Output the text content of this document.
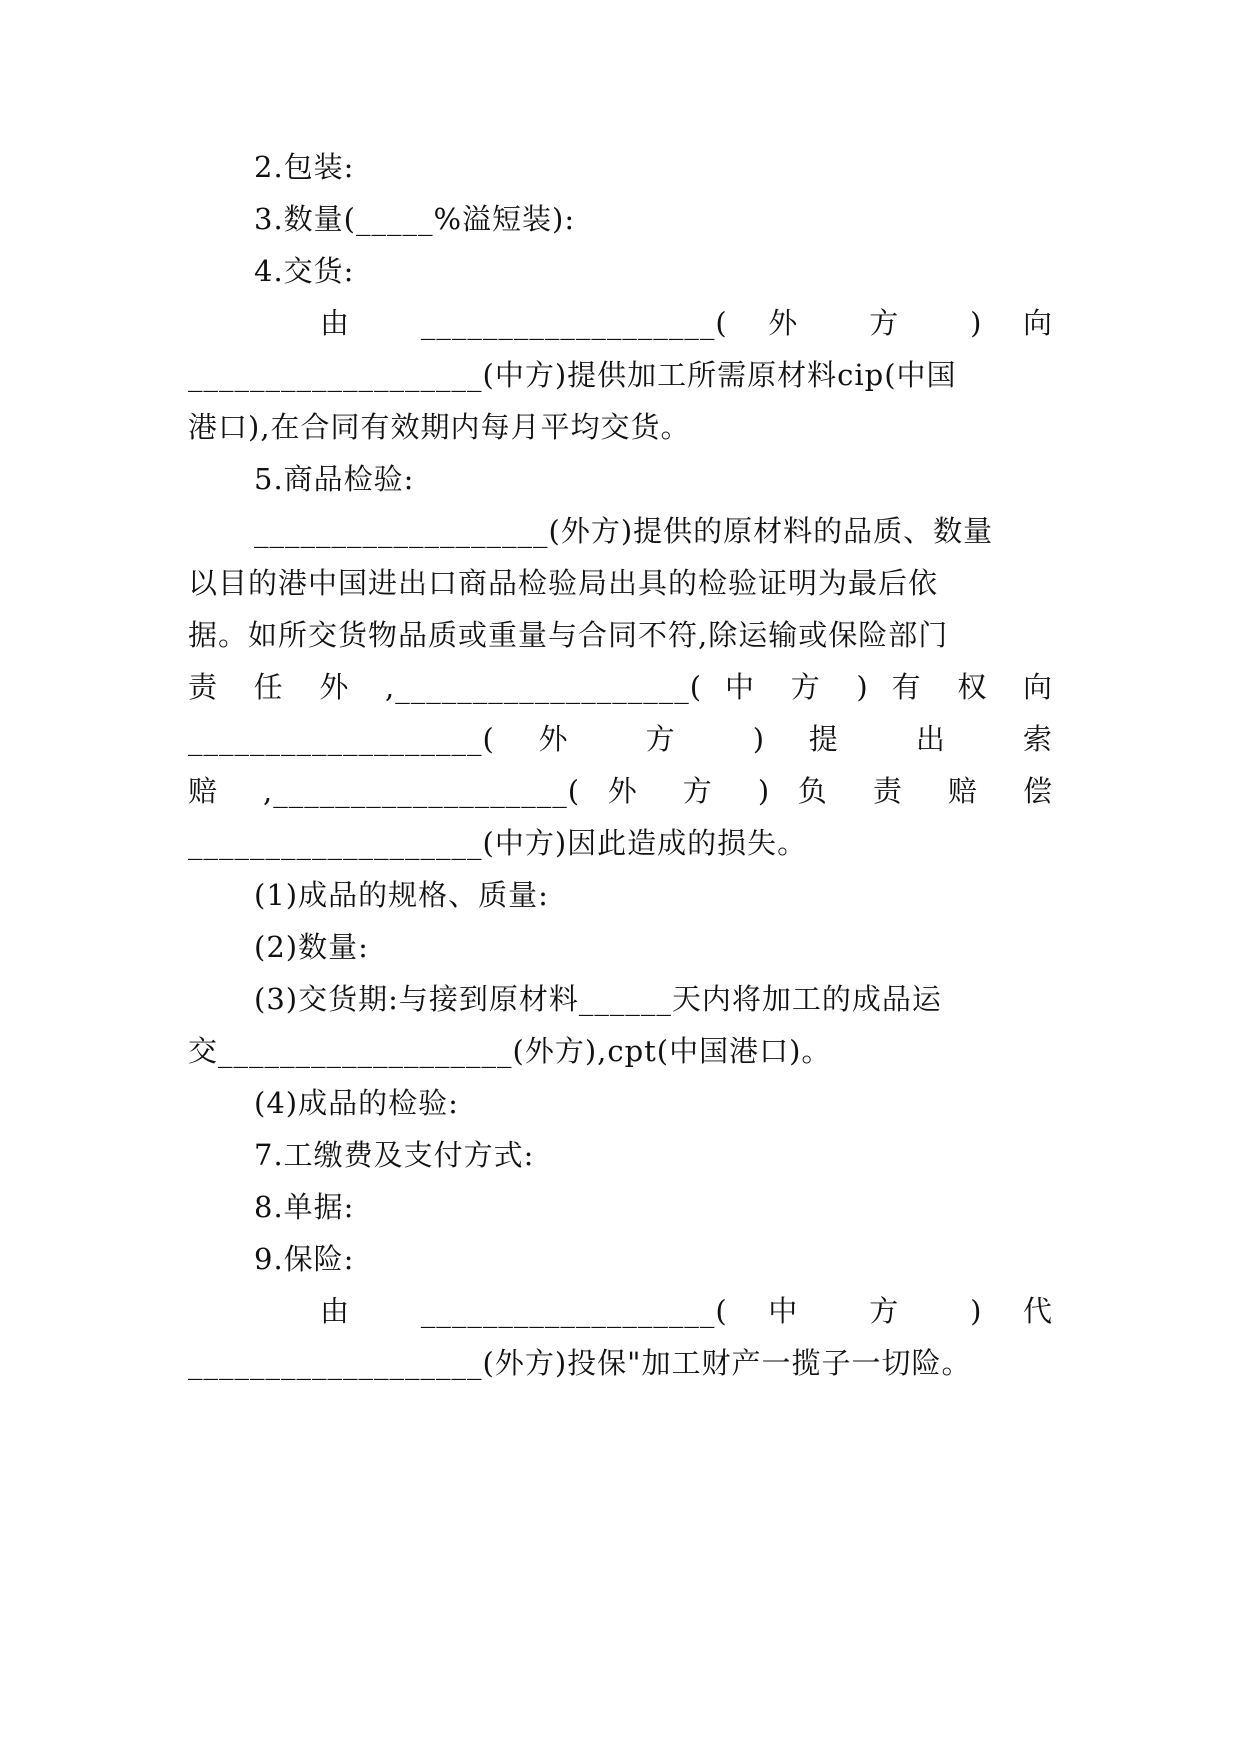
2.包装:
3.数量(_____%溢短装):
4.交货:
由 ___________________( 外 方 ) 向
___________________(中方)提供加工所需原材料cip(中国
港口),在合同有效期内每月平均交货。
5.商品检验:
___________________(外方)提供的原材料的品质、数量
以目的港中国进出口商品检验局出具的检验证明为最后依
据。如所交货物品质或重量与合同不符,除运输或保险部门
责 任 外 ,___________________( 中 方 ) 有 权 向
___________________( 外 方 ) 提 出 索
赔 ,___________________( 外 方 ) 负 责 赔 偿
___________________(中方)因此造成的损失。
(1)成品的规格、质量:
(2)数量:
(3)交货期:与接到原材料______天内将加工的成品运
交___________________(外方),cpt(中国港口)。
(4)成品的检验:
7.工缴费及支付方式:
8.单据:
9.保险:
由 ___________________( 中 方 ) 代
___________________(外方)投保"加工财产一揽子一切险。
